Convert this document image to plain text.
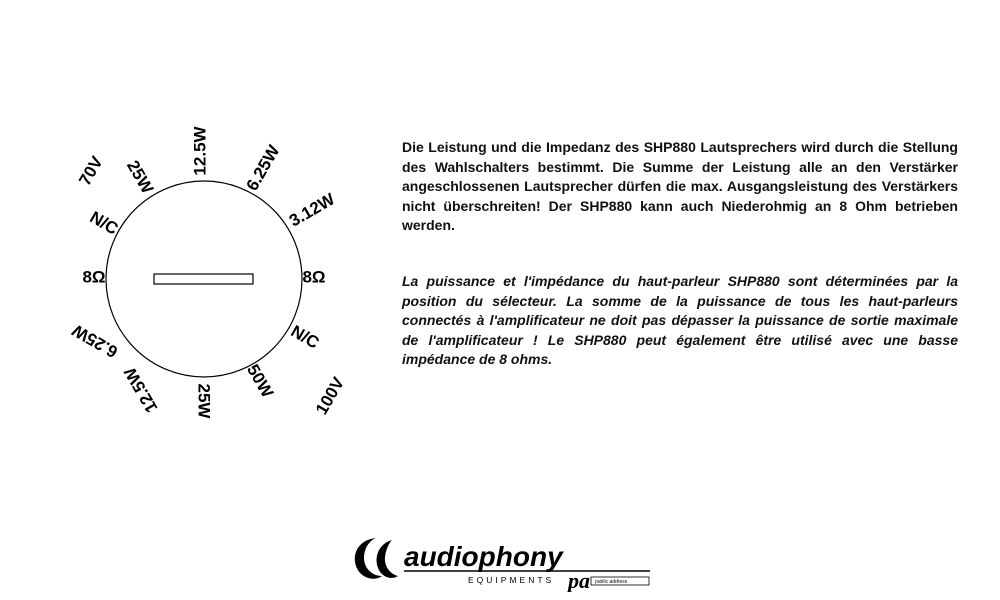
12.5W 6.25W
3.12W
8Ω
N/C
100V
50W
25W
12.5W
6.25W
8Ω
N/C
70V 25W

Die Leistung und die Impedanz des SHP880 Lautsprechers wird durch die Stellung des Wahlschalters bestimmt. Die Summe der Leistung alle an den Verstärker angeschlossenen Lautsprecher dürfen die max. Ausgangsleistung des Verstärkers nicht überschreiten! Der SHP880 kann auch Niederohmig an 8 Ohm betrieben werden.

La puissance et l'impédance du haut-parleur SHP880 sont déterminées par la position du sélecteur. La somme de la puissance de tous les haut-parleurs connectés à l'amplificateur ne doit pas dépasser la puissance de sortie maximale de l'amplificateur ! Le SHP880 peut également être utilisé avec une basse impédance de 8 ohms.

audiophony
EQUIPMENTS pa public address
